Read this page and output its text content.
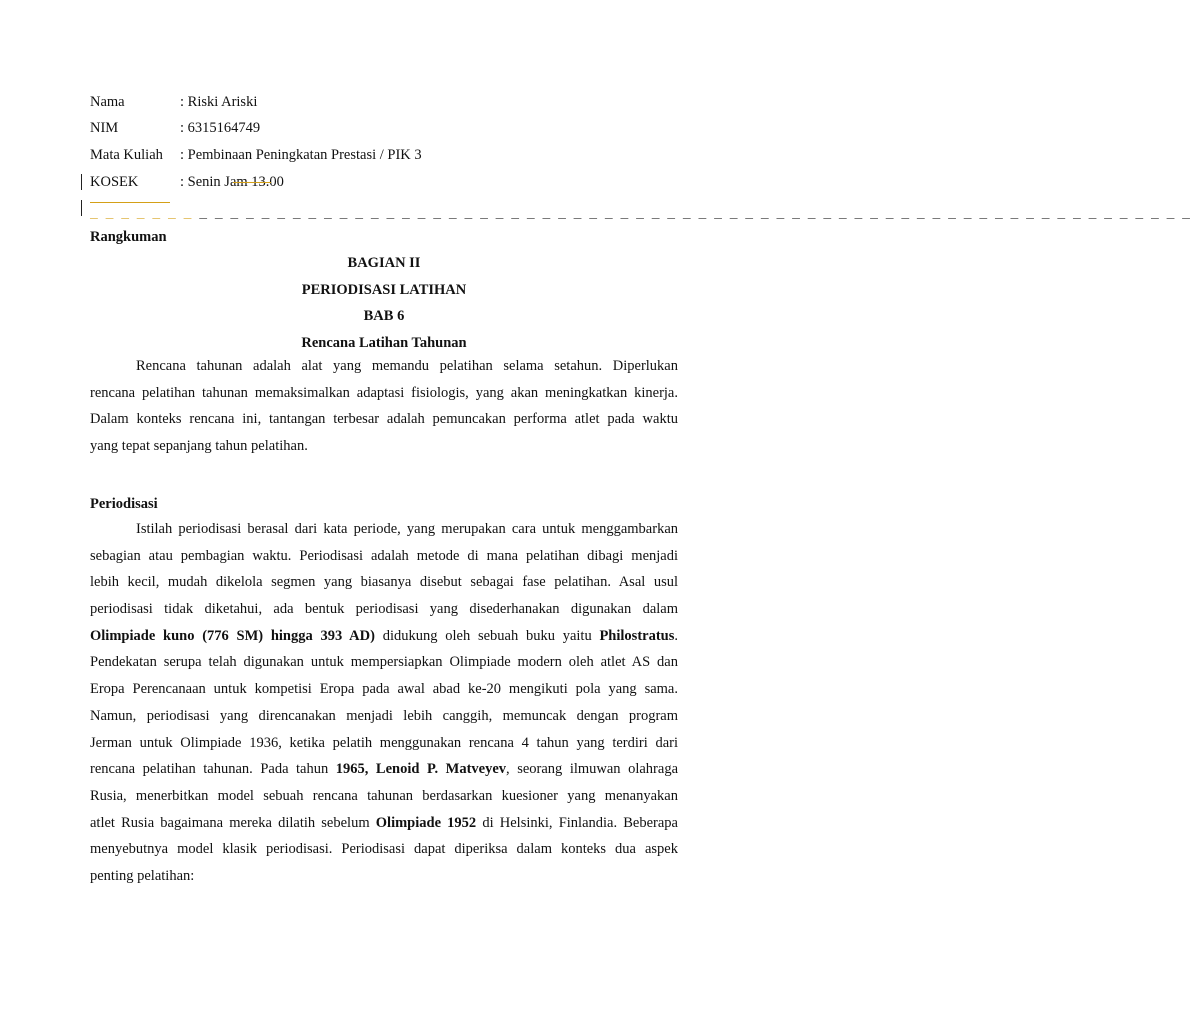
Nama	: Riski Ariski
NIM	: 6315164749
Mata Kuliah : Pembinaan Peningkatan Prestasi / PIK 3
KOSEK	: Senin Jam 13.00
_ _ _ _ _ _ _ _ _ _ _ _ _ _ _ _ _ _ _ _ _ _ _ _ _ _ _ _ _ _ _ _ _ _ _ _ _ _ _ _ _ _ _ _ _ _ _ _ _ _ _ _ _ _ _ _ _ _ _ _ _ _ _ _ _ _ _ _ _ _ _
Rangkuman
BAGIAN II
PERIODISASI LATIHAN
BAB 6
Rencana Latihan Tahunan
Rencana tahunan adalah alat yang memandu pelatihan selama setahun. Diperlukan
rencana pelatihan tahunan memaksimalkan adaptasi fisiologis, yang akan meningkatkan kinerja.
Dalam konteks rencana ini, tantangan terbesar adalah pemuncakan performa atlet pada waktu
yang tepat sepanjang tahun pelatihan.
Periodisasi
Istilah periodisasi berasal dari kata periode, yang merupakan cara untuk menggambarkan
sebagian atau pembagian waktu. Periodisasi adalah metode di mana pelatihan dibagi menjadi
lebih kecil, mudah dikelola segmen yang biasanya disebut sebagai fase pelatihan. Asal usul
periodisasi tidak diketahui, ada bentuk periodisasi yang disederhanakan digunakan dalam
Olimpiade kuno (776 SM) hingga 393 AD) didukung oleh sebuah buku yaitu Philostratus.
Pendekatan serupa telah digunakan untuk mempersiapkan Olimpiade modern oleh atlet AS dan
Eropa Perencanaan untuk kompetisi Eropa pada awal abad ke-20 mengikuti pola yang sama.
Namun, periodisasi yang direncanakan menjadi lebih canggih, memuncak dengan program
Jerman untuk Olimpiade 1936, ketika pelatih menggunakan rencana 4 tahun yang terdiri dari
rencana pelatihan tahunan. Pada tahun 1965, Lenoid P. Matveyev, seorang ilmuwan olahraga
Rusia, menerbitkan model sebuah rencana tahunan berdasarkan kuesioner yang menanyakan
atlet Rusia bagaimana mereka dilatih sebelum Olimpiade 1952 di Helsinki, Finlandia. Beberapa
menyebutnya model klasik periodisasi. Periodisasi dapat diperiksa dalam konteks dua aspek
penting pelatihan:
